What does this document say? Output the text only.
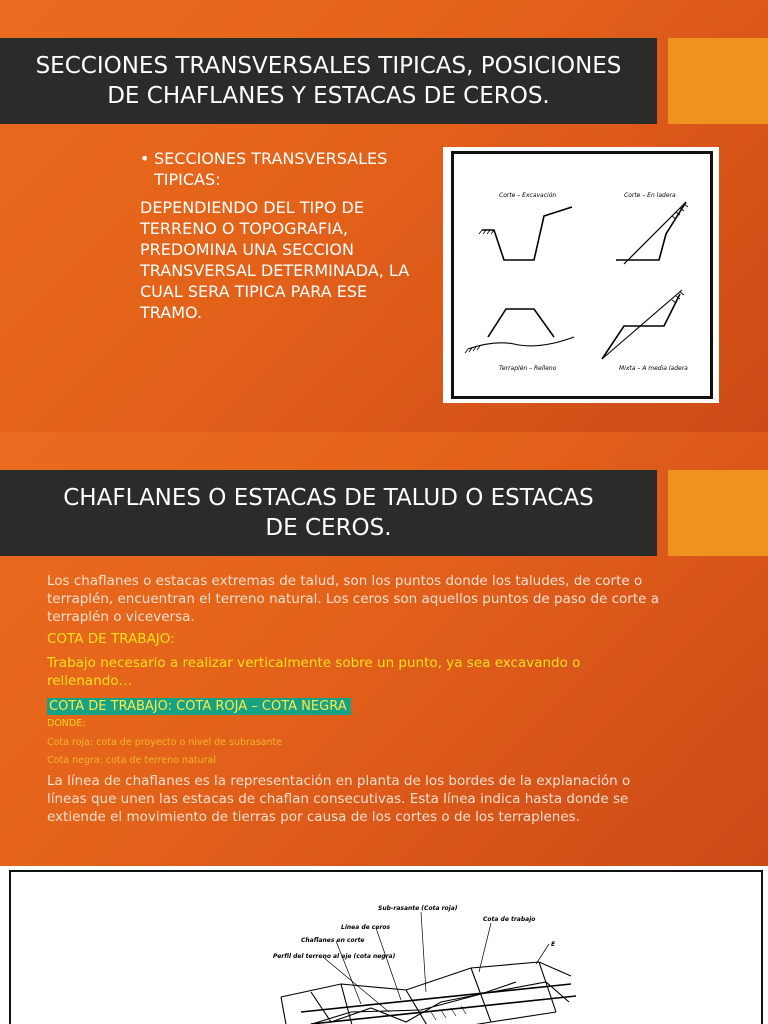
SECCIONES TRANSVERSALES TIPICAS, POSICIONES
DE CHAFLANES Y ESTACAS DE CEROS.
• SECCIONES TRANSVERSALES TIPICAS:
DEPENDIENDO DEL TIPO DE TERRENO O TOPOGRAFIA, PREDOMINA UNA SECCION TRANSVERSAL DETERMINADA, LA CUAL SERA TIPICA PARA ESE TRAMO.
Corte – Excavación	Corte – En ladera
Terraplén – Relleno	Mixta – A media ladera
CHAFLANES O ESTACAS DE TALUD O ESTACAS
DE CEROS.
Los chaflanes o estacas extremas de talud, son los puntos donde los taludes, de corte o terraplén, encuentran el terreno natural. Los ceros son aquellos puntos de paso de corte a terraplén o viceversa.
COTA DE TRABAJO:
Trabajo necesario a realizar verticalmente sobre un punto, ya sea excavando o rellenando…
COTA DE TRABAJO: COTA ROJA – COTA NEGRA
DONDE:
Cota roja: cota de proyecto o nivel de subrasante
Cota negra: cota de terreno natural
La línea de chaflanes es la representación en planta de los bordes de la explanación o líneas que unen las estacas de chaflan consecutivas. Esta línea indica hasta donde se extiende el movimiento de tierras por causa de los cortes o de los terraplenes.
Sub-rasante (Cota roja)
Línea de ceros
Chaflanes en corte
Perfil del terreno al eje (cota negra)
Cota de trabajo
E
